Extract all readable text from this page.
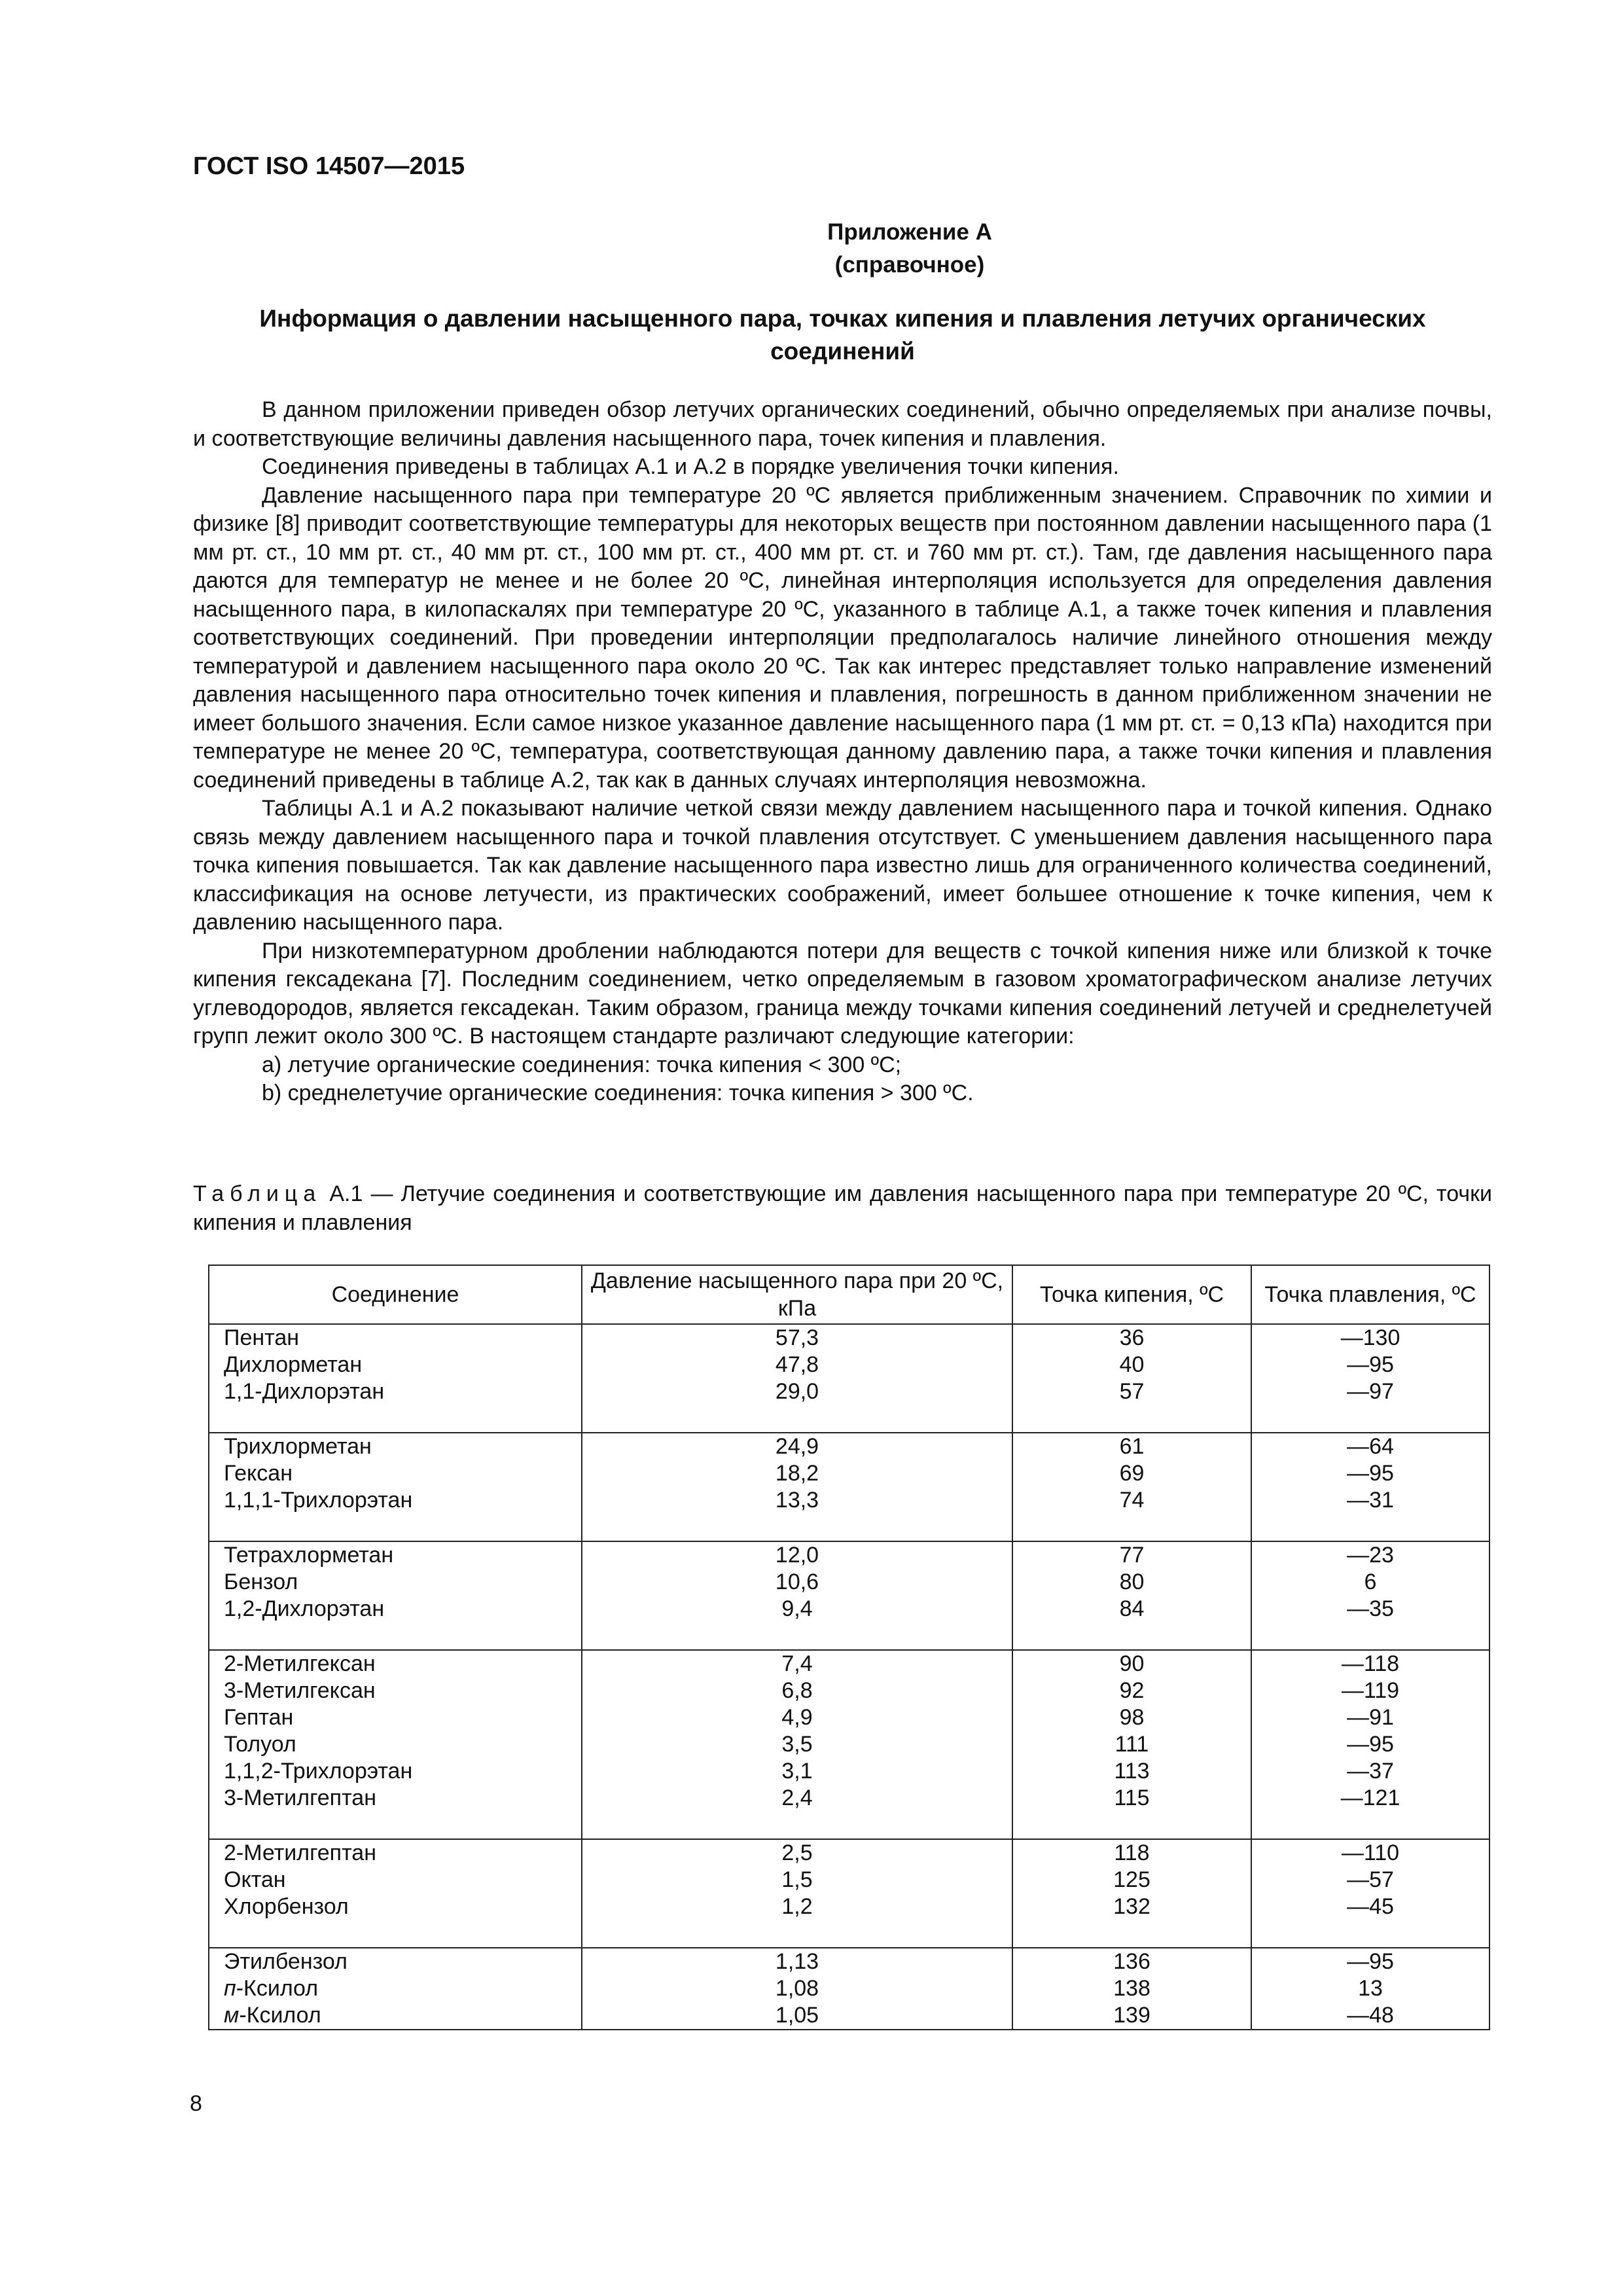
ГОСТ ISO 14507—2015
Приложение А
(справочное)
Информация о давлении насыщенного пара, точках кипения и плавления летучих органических соединений

В данном приложении приведен обзор летучих органических соединений, обычно определяемых при анализе почвы, и соответствующие величины давления насыщенного пара, точек кипения и плавления.

Соединения приведены в таблицах А.1 и А.2 в порядке увеличения точки кипения.

Давление насыщенного пара при температуре 20 ºС является приближенным значением. Справочник по химии и физике [8] приводит соответствующие температуры для некоторых веществ при постоянном давлении насыщенного пара (1 мм рт. ст., 10 мм рт. ст., 40 мм рт. ст., 100 мм рт. ст., 400 мм рт. ст. и 760 мм рт. ст.). Там, где давления насыщенного пара даются для температур не менее и не более 20 ºС, линейная интерполяция используется для определения давления насыщенного пара, в килопаскалях при температуре 20 ºС, указанного в таблице А.1, а также точек кипения и плавления соответствующих соединений. При проведении интерполяции предполагалось наличие линейного отношения между температурой и давлением насыщенного пара около 20 ºС. Так как интерес представляет только направление изменений давления насыщенного пара относительно точек кипения и плавления, погрешность в данном приближенном значении не имеет большого значения. Если самое низкое указанное давление насыщенного пара (1 мм рт. ст. = 0,13 кПа) находится при температуре не менее 20 ºС, температура, соответствующая данному давлению пара, а также точки кипения и плавления соединений приведены в таблице А.2, так как в данных случаях интерполяция невозможна.

Таблицы А.1 и А.2 показывают наличие четкой связи между давлением насыщенного пара и точкой кипения. Однако связь между давлением насыщенного пара и точкой плавления отсутствует. С уменьшением давления насыщенного пара точка кипения повышается. Так как давление насыщенного пара известно лишь для ограниченного количества соединений, классификация на основе летучести, из практических соображений, имеет большее отношение к точке кипения, чем к давлению насыщенного пара.

При низкотемпературном дроблении наблюдаются потери для веществ с точкой кипения ниже или близкой к точке кипения гексадекана [7]. Последним соединением, четко определяемым в газовом хроматографическом анализе летучих углеводородов, является гексадекан. Таким образом, граница между точками кипения соединений летучей и среднелетучей групп лежит около 300 ºС. В настоящем стандарте различают следующие категории:

a) летучие органические соединения: точка кипения < 300 ºС;

b) среднелетучие органические соединения: точка кипения > 300 ºС.

Таблица А.1 — Летучие соединения и соответствующие им давления насыщенного пара при температуре 20 ºС, точки кипения и плавления
Соединение	Давление насыщенного пара при 20 ºС, кПа	Точка кипения, ºС	Точка плавления, ºС
Пентан	57,3	36	—130
Дихлорметан	47,8	40	—95
1,1-Дихлорэтан	29,0	57	—97

Трихлорметан	24,9	61	—64
Гексан	18,2	69	—95
1,1,1-Трихлорэтан	13,3	74	—31

Тетрахлорметан	12,0	77	—23
Бензол	10,6	80	6
1,2-Дихлорэтан	9,4	84	—35

2-Метилгексан	7,4	90	—118
3-Метилгексан	6,8	92	—119
Гептан	4,9	98	—91
Толуол	3,5	111	—95
1,1,2-Трихлорэтан	3,1	113	—37
3-Метилгептан	2,4	115	—121

2-Метилгептан	2,5	118	—110
Октан	1,5	125	—57
Хлорбензол	1,2	132	—45

Этилбензол	1,13	136	—95
п-Ксилол	1,08	138	13
м-Ксилол	1,05	139	—48
8
